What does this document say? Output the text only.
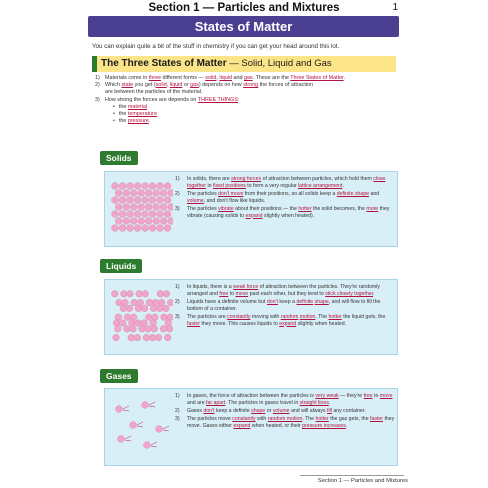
Section 1 — Particles and Mixtures	1
States of Matter
You can explain quite a bit of the stuff in chemistry if you can get your head around this lot.
The Three States of Matter — Solid, Liquid and Gas
1) Materials come in three different forms — solid, liquid and gas. These are the Three States of Matter.
2) Which state you get (solid, liquid or gas) depends on how strong the forces of attraction
are between the particles of the material.
3) How strong the forces are depends on THREE THINGS:
• the material
• the temperature
• the pressure.
Solids
1)	In solids, there are strong forces of attraction between particles, which hold them close together in fixed positions to form a very regular lattice arrangement.
2)	The particles don't move from their positions, so all solids keep a definite shape and volume, and don't flow like liquids.
3)	The particles vibrate about their positions — the hotter the solid becomes, the more they vibrate (causing solids to expand slightly when heated).
Liquids
1)	In liquids, there is a weak force of attraction between the particles. They're randomly arranged and free to move past each other, but they tend to stick closely together.
2)	Liquids have a definite volume but don't keep a definite shape, and will flow to fill the bottom of a container.
3)	The particles are constantly moving with random motion. The hotter the liquid gets, the faster they move. This causes liquids to expand slightly when heated.
Gases
1)	In gases, the force of attraction between the particles is very weak — they're free to move and are far apart. The particles in gases travel in straight lines.
2)	Gases don't keep a definite shape or volume and will always fill any container.
3)	The particles move constantly with random motion. The hotter the gas gets, the faster they move. Gases either expand when heated, or their pressure increases.
Section 1 — Particles and Mixtures
